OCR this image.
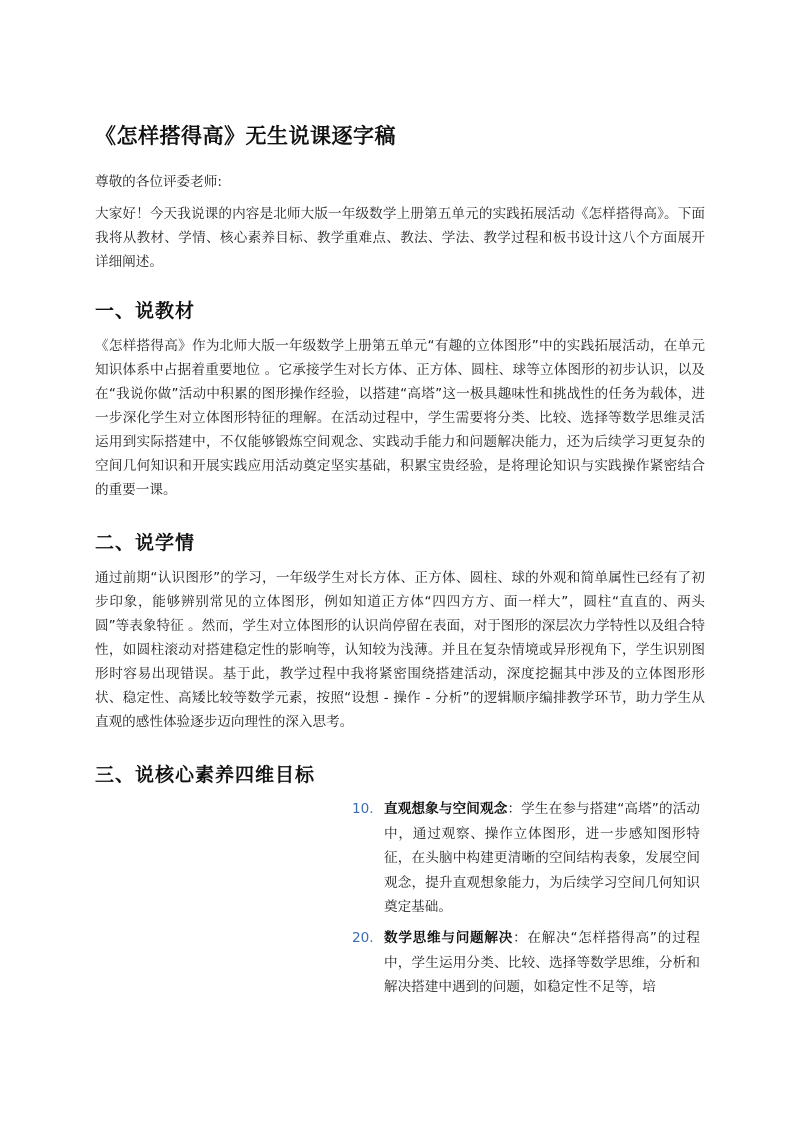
《怎样搭得高》无生说课逐字稿

尊敬的各位评委老师:

大家好！今天我说课的内容是北师大版一年级数学上册第五单元的实践拓展活动《怎样搭得高》。下面我将从教材、学情、核心素养目标、教学重难点、教法、学法、教学过程和板书设计这八个方面展开详细阐述。

一、说教材

《怎样搭得高》作为北师大版一年级数学上册第五单元“有趣的立体图形”中的实践拓展活动，在单元知识体系中占据着重要地位 。它承接学生对长方体、正方体、圆柱、球等立体图形的初步认识，以及在“我说你做”活动中积累的图形操作经验，以搭建“高塔”这一极具趣味性和挑战性的任务为载体，进一步深化学生对立体图形特征的理解。在活动过程中，学生需要将分类、比较、选择等数学思维灵活运用到实际搭建中，不仅能够锻炼空间观念、实践动手能力和问题解决能力，还为后续学习更复杂的空间几何知识和开展实践应用活动奠定坚实基础，积累宝贵经验，是将理论知识与实践操作紧密结合的重要一课。

二、说学情

通过前期“认识图形”的学习，一年级学生对长方体、正方体、圆柱、球的外观和简单属性已经有了初步印象，能够辨别常见的立体图形，例如知道正方体“四四方方、面一样大”，圆柱“直直的、两头圆”等表象特征 。然而，学生对立体图形的认识尚停留在表面，对于图形的深层次力学特性以及组合特性，如圆柱滚动对搭建稳定性的影响等，认知较为浅薄。并且在复杂情境或异形视角下，学生识别图形时容易出现错误。基于此，教学过程中我将紧密围绕搭建活动，深度挖掘其中涉及的立体图形形状、稳定性、高矮比较等数学元素，按照“设想 - 操作 - 分析”的逻辑顺序编排教学环节，助力学生从直观的感性体验逐步迈向理性的深入思考。

三、说核心素养四维目标
10. 直观想象与空间观念：学生在参与搭建“高塔”的活动中，通过观察、操作立体图形，进一步感知图形特征，在头脑中构建更清晰的空间结构表象，发展空间观念，提升直观想象能力，为后续学习空间几何知识奠定基础。

20. 数学思维与问题解决：在解决“怎样搭得高”的过程中，学生运用分类、比较、选择等数学思维，分析和解决搭建中遇到的问题，如稳定性不足等，培
